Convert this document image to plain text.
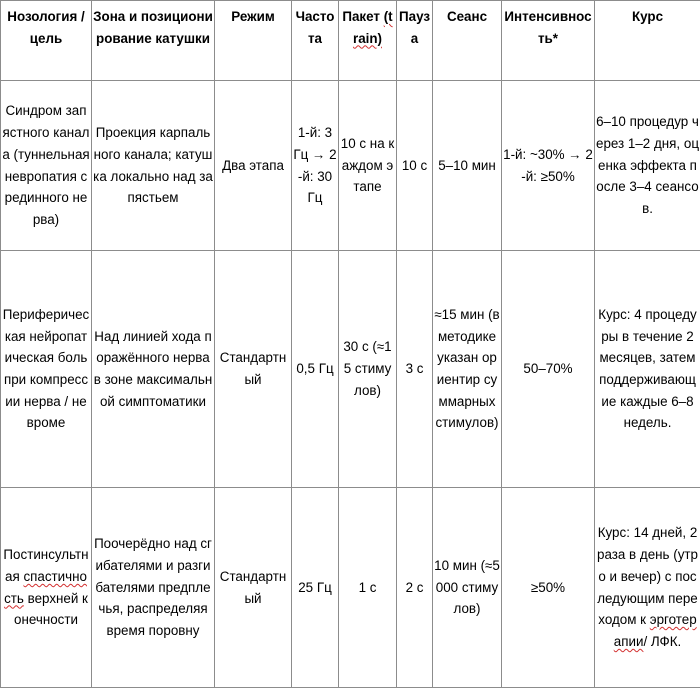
Нозология / цель	Зона и позиционирование катушки	Режим	Частота	Пакет (train)	Пауза	Сеанс	Интенсивность*	Курс
Синдром запястного канала (туннельная невропатия срединного нерва)	Проекция карпального канала; катушка локально над запястьем	Два этапа	1-й: 3 Гц → 2-й: 30 Гц	10 с на каждом этапе	10 с	5–10 мин	1-й: ~30% → 2-й: ≥50%	6–10 процедур через 1–2 дня, оценка эффекта после 3–4 сеансов.
Периферическая нейропатическая боль при компрессии нерва / невроме	Над линией хода поражённого нерва в зоне максимальной симптоматики	Стандартный	0,5 Гц	30 с (≈15 стимулов)	3 с	≈15 мин (в методике указан ориентир суммарных стимулов)	50–70%	Курс: 4 процедуры в течение 2 месяцев, затем поддерживающие каждые 6–8 недель.
Постинсультная спастичность верхней конечности	Поочерёдно над сгибателями и разгибателями предплечья, распределяя время поровну	Стандартный	25 Гц	1 с	2 с	10 мин (≈5000 стимулов)	≥50%	Курс: 14 дней, 2 раза в день (утро и вечер) с последующим переходом к эрготерапии/ ЛФК.
